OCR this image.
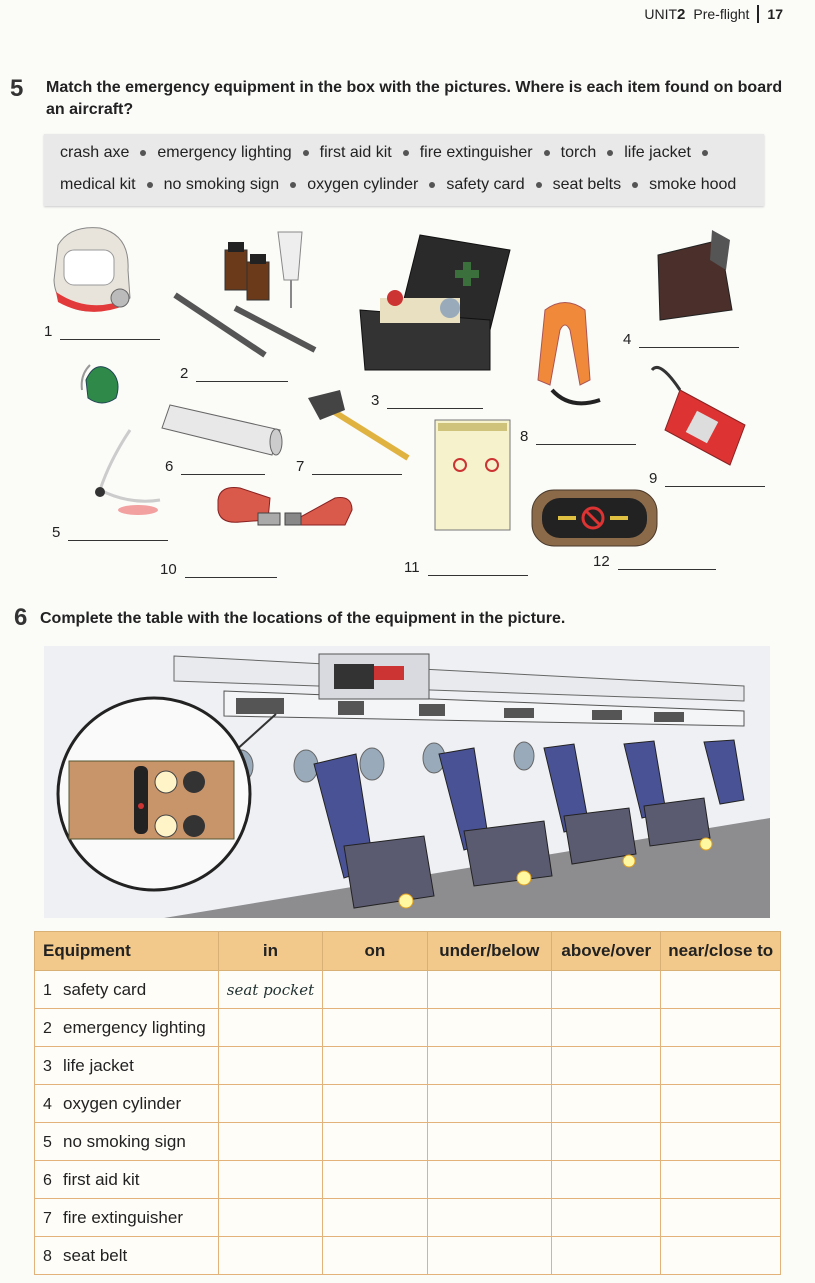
UNIT2 Pre-flight 17
5 Match the emergency equipment in the box with the pictures. Where is each item found on board
an aircraft?
crash axe emergency lighting first aid kit fire extinguisher torch life jacket
medical kit no smoking sign oxygen cylinder safety card seat belts smoke hood
1
2
3
4
5
6	7
8
9
10	11	12
6 Complete the table with the locations of the equipment in the picture.
Equipment	in	on	under/below	above/over	near/close to
1 safety card	seat pocket				
2 emergency lighting					
3 life jacket					
4 oxygen cylinder					
5 no smoking sign					
6 first aid kit					
7 fire extinguisher					
8 seat belt					
